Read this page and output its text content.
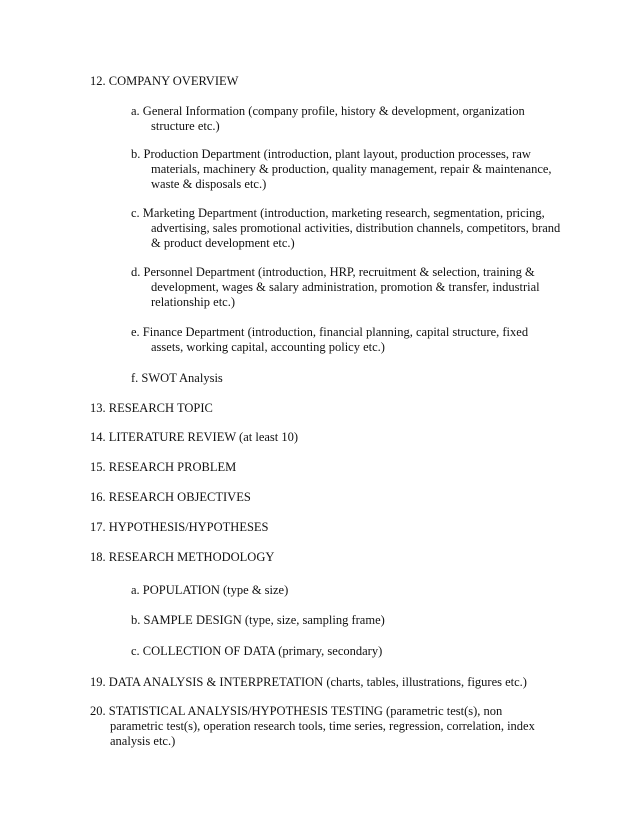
12. COMPANY OVERVIEW

a. General Information (company profile, history & development, organization
structure etc.)

b. Production Department (introduction, plant layout, production processes, raw
materials, machinery & production, quality management, repair & maintenance,
waste & disposals etc.)

c. Marketing Department (introduction, marketing research, segmentation, pricing,
advertising, sales promotional activities, distribution channels, competitors, brand
& product development etc.)

d. Personnel Department (introduction, HRP, recruitment & selection, training &
development, wages & salary administration, promotion & transfer, industrial
relationship etc.)

e. Finance Department (introduction, financial planning, capital structure, fixed
assets, working capital, accounting policy etc.)

f. SWOT Analysis

13. RESEARCH TOPIC

14. LITERATURE REVIEW (at least 10)

15. RESEARCH PROBLEM

16. RESEARCH OBJECTIVES

17. HYPOTHESIS/HYPOTHESES

18. RESEARCH METHODOLOGY

a. POPULATION (type & size)

b. SAMPLE DESIGN (type, size, sampling frame)

c. COLLECTION OF DATA (primary, secondary)

19. DATA ANALYSIS & INTERPRETATION (charts, tables, illustrations, figures etc.)

20. STATISTICAL ANALYSIS/HYPOTHESIS TESTING (parametric test(s), non
parametric test(s), operation research tools, time series, regression, correlation, index
analysis etc.)
